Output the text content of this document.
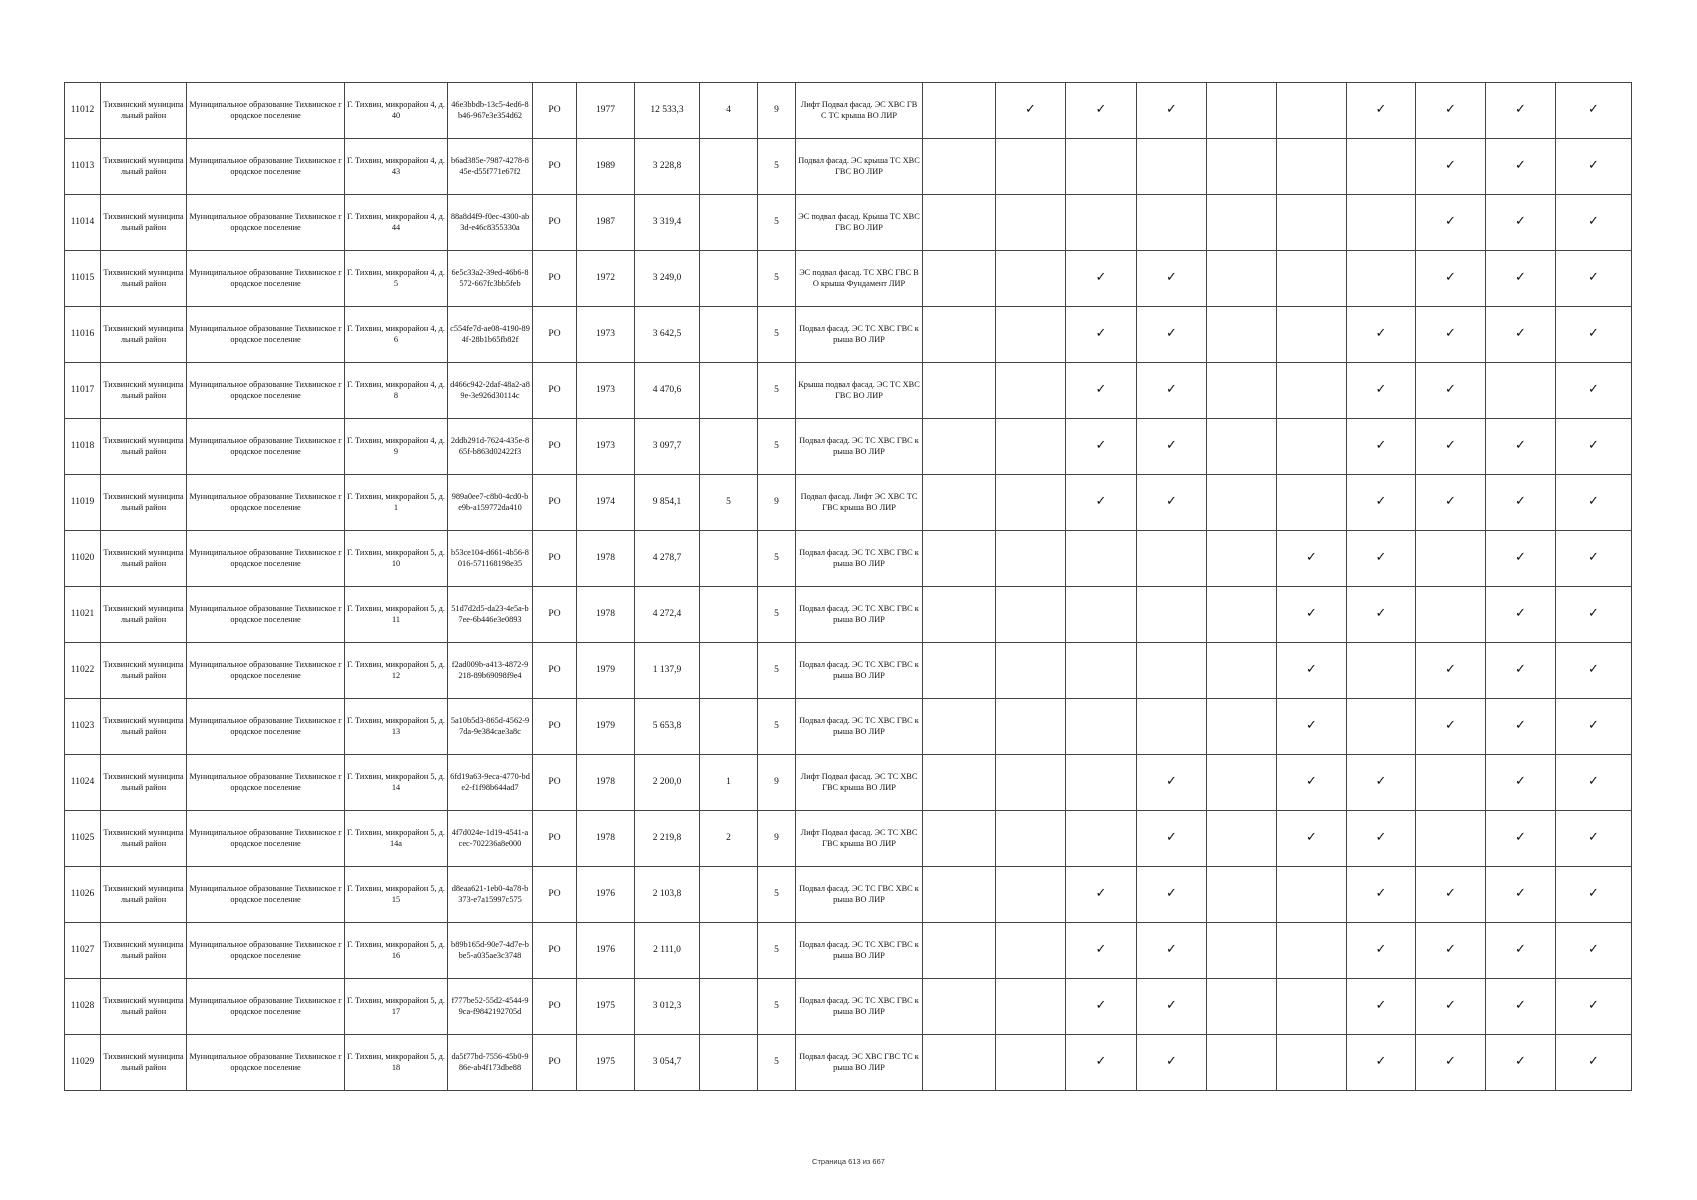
11012	Тихвинский муниципальный район	Муниципальное образование Тихвинское городское поселение	Г. Тихвин, микрорайон 4, д. 40	46e3bbdb-13c5-4ed6-8b46-967e3e354d62	РО	1977	12 533,3	4	9	Лифт Подвал фасад. ЭС ХВС ГВС ТС крыша ВО ЛИР		✓	✓	✓			✓	✓	✓	✓
11013	Тихвинский муниципальный район	Муниципальное образование Тихвинское городское поселение	Г. Тихвин, микрорайон 4, д. 43	b6ad385e-7987-4278-845e-d55f771e67f2	РО	1989	3 228,8		5	Подвал фасад. ЭС крыша ТС ХВС ГВС ВО ЛИР								✓	✓	✓
11014	Тихвинский муниципальный район	Муниципальное образование Тихвинское городское поселение	Г. Тихвин, микрорайон 4, д. 44	88a8d4f9-f0ec-4300-ab3d-e46c8355330a	РО	1987	3 319,4		5	ЭС подвал фасад. Крыша ТС ХВС ГВС ВО ЛИР								✓	✓	✓
11015	Тихвинский муниципальный район	Муниципальное образование Тихвинское городское поселение	Г. Тихвин, микрорайон 4, д. 5	6e5c33a2-39ed-46b6-8572-667fc3bb5feb	РО	1972	3 249,0		5	ЭС подвал фасад. ТС ХВС ГВС ВО крыша Фундамент ЛИР			✓	✓				✓	✓	✓
11016	Тихвинский муниципальный район	Муниципальное образование Тихвинское городское поселение	Г. Тихвин, микрорайон 4, д. 6	c554fe7d-ae08-4190-894f-28b1b65fb82f	РО	1973	3 642,5		5	Подвал фасад. ЭС ТС ХВС ГВС крыша ВО ЛИР			✓	✓			✓	✓	✓	✓
11017	Тихвинский муниципальный район	Муниципальное образование Тихвинское городское поселение	Г. Тихвин, микрорайон 4, д. 8	d466c942-2daf-48a2-a89e-3e926d30114c	РО	1973	4 470,6		5	Крыша подвал фасад. ЭС ТС ХВС ГВС ВО ЛИР			✓	✓			✓	✓		✓
11018	Тихвинский муниципальный район	Муниципальное образование Тихвинское городское поселение	Г. Тихвин, микрорайон 4, д. 9	2ddb291d-7624-435e-865f-b863d02422f3	РО	1973	3 097,7		5	Подвал фасад. ЭС ТС ХВС ГВС крыша ВО ЛИР			✓	✓			✓	✓	✓	✓
11019	Тихвинский муниципальный район	Муниципальное образование Тихвинское городское поселение	Г. Тихвин, микрорайон 5, д. 1	989a0ee7-c8b0-4cd0-be9b-a159772da410	РО	1974	9 854,1	5	9	Подвал фасад. Лифт ЭС ХВС ТС ГВС крыша ВО ЛИР			✓	✓			✓	✓	✓	✓
11020	Тихвинский муниципальный район	Муниципальное образование Тихвинское городское поселение	Г. Тихвин, микрорайон 5, д. 10	b53ce104-d661-4b56-8016-571168198e35	РО	1978	4 278,7		5	Подвал фасад. ЭС ТС ХВС ГВС крыша ВО ЛИР						✓	✓		✓	✓
11021	Тихвинский муниципальный район	Муниципальное образование Тихвинское городское поселение	Г. Тихвин, микрорайон 5, д. 11	51d7d2d5-da23-4e5a-b7ee-6b446e3e0893	РО	1978	4 272,4		5	Подвал фасад. ЭС ТС ХВС ГВС крыша ВО ЛИР						✓	✓		✓	✓
11022	Тихвинский муниципальный район	Муниципальное образование Тихвинское городское поселение	Г. Тихвин, микрорайон 5, д. 12	f2ad009b-a413-4872-9218-89b69098f9e4	РО	1979	1 137,9		5	Подвал фасад. ЭС ТС ХВС ГВС крыша ВО ЛИР						✓		✓	✓	✓
11023	Тихвинский муниципальный район	Муниципальное образование Тихвинское городское поселение	Г. Тихвин, микрорайон 5, д. 13	5a10b5d3-865d-4562-97da-9e384cae3a8c	РО	1979	5 653,8		5	Подвал фасад. ЭС ТС ХВС ГВС крыша ВО ЛИР						✓		✓	✓	✓
11024	Тихвинский муниципальный район	Муниципальное образование Тихвинское городское поселение	Г. Тихвин, микрорайон 5, д. 14	6fd19a63-9eca-4770-bde2-f1f98b644ad7	РО	1978	2 200,0	1	9	Лифт Подвал фасад. ЭС ТС ХВС ГВС крыша ВО ЛИР				✓		✓	✓		✓	✓
11025	Тихвинский муниципальный район	Муниципальное образование Тихвинское городское поселение	Г. Тихвин, микрорайон 5, д. 14а	4f7d024e-1d19-4541-acec-702236a8e000	РО	1978	2 219,8	2	9	Лифт Подвал фасад. ЭС ТС ХВС ГВС крыша ВО ЛИР				✓		✓	✓		✓	✓
11026	Тихвинский муниципальный район	Муниципальное образование Тихвинское городское поселение	Г. Тихвин, микрорайон 5, д. 15	d8eaa621-1eb0-4a78-b373-e7a15997c575	РО	1976	2 103,8		5	Подвал фасад. ЭС ТС ГВС ХВС крыша ВО ЛИР			✓	✓			✓	✓	✓	✓
11027	Тихвинский муниципальный район	Муниципальное образование Тихвинское городское поселение	Г. Тихвин, микрорайон 5, д. 16	b89b165d-90e7-4d7e-bbe5-a035ae3c3748	РО	1976	2 111,0		5	Подвал фасад. ЭС ТС ХВС ГВС крыша ВО ЛИР			✓	✓			✓	✓	✓	✓
11028	Тихвинский муниципальный район	Муниципальное образование Тихвинское городское поселение	Г. Тихвин, микрорайон 5, д. 17	f777be52-55d2-4544-99ca-f9842192705d	РО	1975	3 012,3		5	Подвал фасад. ЭС ТС ХВС ГВС крыша ВО ЛИР			✓	✓			✓	✓	✓	✓
11029	Тихвинский муниципальный район	Муниципальное образование Тихвинское городское поселение	Г. Тихвин, микрорайон 5, д. 18	da5f77bd-7556-45b0-986e-ab4f173dbe88	РО	1975	3 054,7		5	Подвал фасад. ЭС ХВС ГВС ТС крыша ВО ЛИР			✓	✓			✓	✓	✓	✓
Страница 613 из 667
